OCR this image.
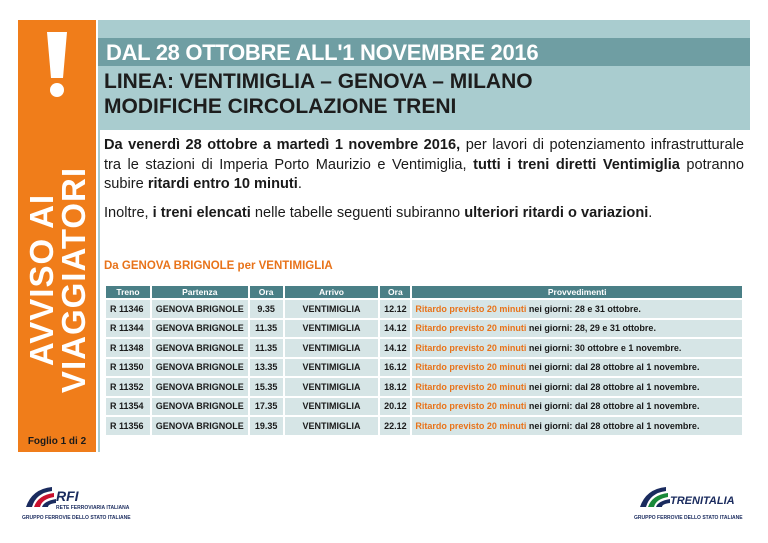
AVVISO AI
VIAGGIATORI
Foglio 1 di 2
DAL 28 OTTOBRE ALL'1 NOVEMBRE 2016
LINEA: VENTIMIGLIA – GENOVA – MILANO
MODIFICHE CIRCOLAZIONE TRENI
Da venerdì 28 ottobre a martedì 1 novembre 2016, per lavori di potenziamento infrastrutturale tra le stazioni di Imperia Porto Maurizio e Ventimiglia, tutti i treni diretti Ventimiglia potranno subire ritardi entro 10 minuti.
Inoltre, i treni elencati nelle tabelle seguenti subiranno ulteriori ritardi o variazioni.
Da GENOVA BRIGNOLE per VENTIMIGLIA
Treno	Partenza	Ora	Arrivo	Ora	Provvedimenti
R 11346	GENOVA BRIGNOLE	9.35	VENTIMIGLIA	12.12	Ritardo previsto 20 minuti nei giorni: 28 e 31 ottobre.
R 11344	GENOVA BRIGNOLE	11.35	VENTIMIGLIA	14.12	Ritardo previsto 20 minuti nei giorni: 28, 29 e 31 ottobre.
R 11348	GENOVA BRIGNOLE	11.35	VENTIMIGLIA	14.12	Ritardo previsto 20 minuti nei giorni: 30 ottobre e 1 novembre.
R 11350	GENOVA BRIGNOLE	13.35	VENTIMIGLIA	16.12	Ritardo previsto 20 minuti nei giorni: dal 28 ottobre al 1 novembre.
R 11352	GENOVA BRIGNOLE	15.35	VENTIMIGLIA	18.12	Ritardo previsto 20 minuti nei giorni: dal 28 ottobre al 1 novembre.
R 11354	GENOVA BRIGNOLE	17.35	VENTIMIGLIA	20.12	Ritardo previsto 20 minuti nei giorni: dal 28 ottobre al 1 novembre.
R 11356	GENOVA BRIGNOLE	19.35	VENTIMIGLIA	22.12	Ritardo previsto 20 minuti nei giorni: dal 28 ottobre al 1 novembre.
RFI
RETE FERROVIARIA ITALIANA
GRUPPO FERROVIE DELLO STATO ITALIANE
TRENITALIA
GRUPPO FERROVIE DELLO STATO ITALIANE
